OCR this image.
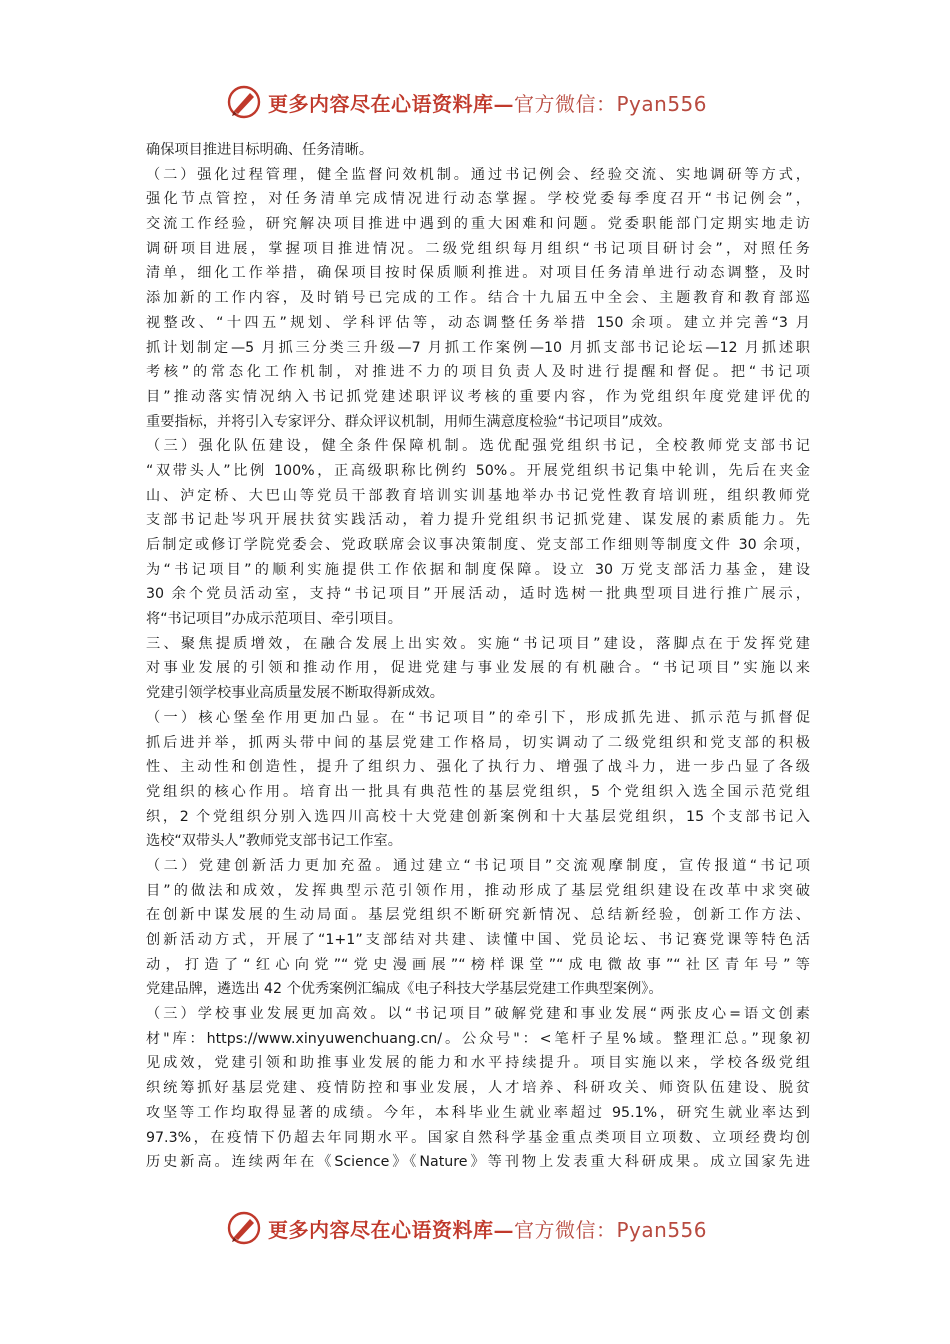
更多内容尽在心语资料库—官方微信：Pyan556
确保项目推进目标明确、任务清晰。
（二）强化过程管理，健全监督问效机制。通过书记例会、经验交流、实地调研等方式，
强化节点管控，对任务清单完成情况进行动态掌握。学校党委每季度召开“书记例会”，
交流工作经验，研究解决项目推进中遇到的重大困难和问题。党委职能部门定期实地走访
调研项目进展，掌握项目推进情况。二级党组织每月组织“书记项目研讨会”，对照任务
清单，细化工作举措，确保项目按时保质顺利推进。对项目任务清单进行动态调整，及时
添加新的工作内容，及时销号已完成的工作。结合十九届五中全会、主题教育和教育部巡
视整改、“十四五”规划、学科评估等，动态调整任务举措 150 余项。建立并完善“3 月
抓计划制定—5 月抓三分类三升级—7 月抓工作案例—10 月抓支部书记论坛—12 月抓述职
考核”的常态化工作机制，对推进不力的项目负责人及时进行提醒和督促。把“书记项
目”推动落实情况纳入书记抓党建述职评议考核的重要内容，作为党组织年度党建评优的
重要指标，并将引入专家评分、群众评议机制，用师生满意度检验“书记项目”成效。
（三）强化队伍建设，健全条件保障机制。选优配强党组织书记，全校教师党支部书记
“双带头人”比例 100%，正高级职称比例约 50%。开展党组织书记集中轮训，先后在夹金
山、泸定桥、大巴山等党员干部教育培训实训基地举办书记党性教育培训班，组织教师党
支部书记赴岑巩开展扶贫实践活动，着力提升党组织书记抓党建、谋发展的素质能力。先
后制定或修订学院党委会、党政联席会议事决策制度、党支部工作细则等制度文件 30 余项，
为“书记项目”的顺利实施提供工作依据和制度保障。设立 30 万党支部活力基金，建设
30 余个党员活动室，支持“书记项目”开展活动，适时选树一批典型项目进行推广展示，
将“书记项目”办成示范项目、牵引项目。
三、聚焦提质增效，在融合发展上出实效。实施“书记项目”建设，落脚点在于发挥党建
对事业发展的引领和推动作用，促进党建与事业发展的有机融合。“书记项目”实施以来
党建引领学校事业高质量发展不断取得新成效。
（一）核心堡垒作用更加凸显。在“书记项目”的牵引下，形成抓先进、抓示范与抓督促
抓后进并举，抓两头带中间的基层党建工作格局，切实调动了二级党组织和党支部的积极
性、主动性和创造性，提升了组织力、强化了执行力、增强了战斗力，进一步凸显了各级
党组织的核心作用。培育出一批具有典范性的基层党组织，5 个党组织入选全国示范党组
织，2 个党组织分别入选四川高校十大党建创新案例和十大基层党组织，15 个支部书记入
选校“双带头人”教师党支部书记工作室。
（二）党建创新活力更加充盈。通过建立“书记项目”交流观摩制度，宣传报道“书记项
目”的做法和成效，发挥典型示范引领作用，推动形成了基层党组织建设在改革中求突破
在创新中谋发展的生动局面。基层党组织不断研究新情况、总结新经验，创新工作方法、
创新活动方式，开展了“1+1”支部结对共建、读懂中国、党员论坛、书记赛党课等特色活
动，打造了“红心向党”“党史漫画展”“榜样课堂”“成电微故事”“社区青年号”等
党建品牌，遴选出 42 个优秀案例汇编成《电子科技大学基层党建工作典型案例》。
（三）学校事业发展更加高效。以“书记项目”破解党建和事业发展“两张皮心=语文创素
材"库：https://www.xinyuwenchuang.cn/。公众号"：<笔杆子星%域。整理汇总。”现象初
见成效，党建引领和助推事业发展的能力和水平持续提升。项目实施以来，学校各级党组
织统筹抓好基层党建、疫情防控和事业发展，人才培养、科研攻关、师资队伍建设、脱贫
攻坚等工作均取得显著的成绩。今年，本科毕业生就业率超过 95.1%，研究生就业率达到
97.3%，在疫情下仍超去年同期水平。国家自然科学基金重点类项目立项数、立项经费均创
历史新高。连续两年在《Science》《Nature》等刊物上发表重大科研成果。成立国家先进
更多内容尽在心语资料库—官方微信：Pyan556
